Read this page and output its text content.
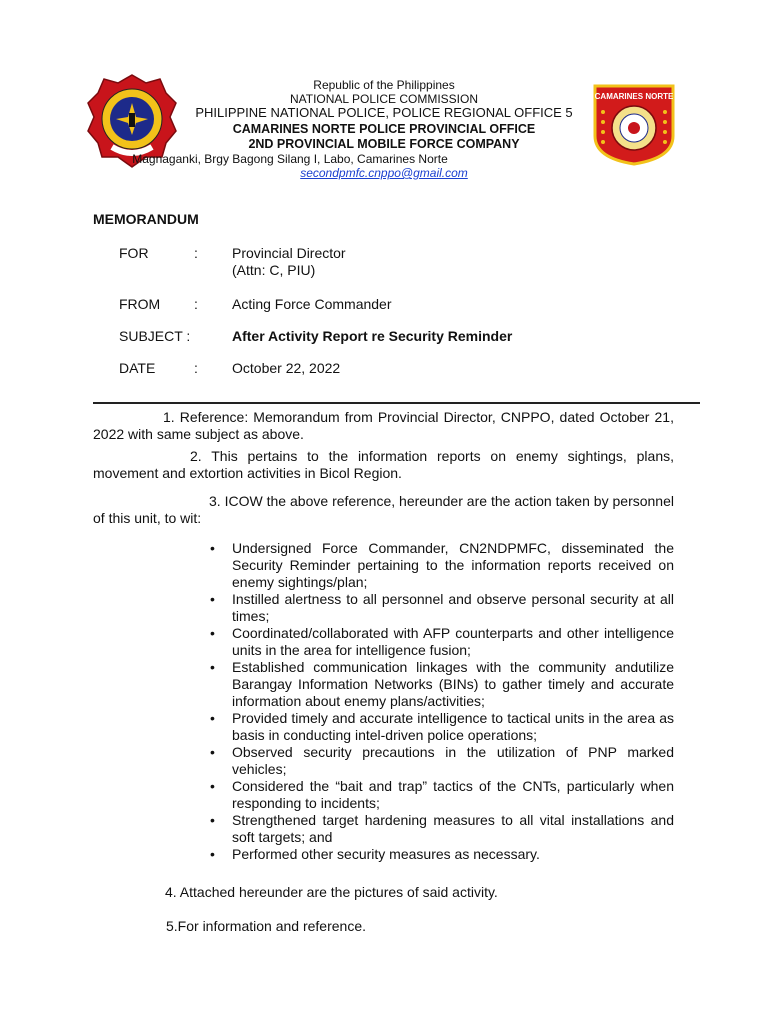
CAMARINES NORTE
Republic of the Philippines
NATIONAL POLICE COMMISSION
PHILIPPINE NATIONAL POLICE, POLICE REGIONAL OFFICE 5
CAMARINES NORTE POLICE PROVINCIAL OFFICE
2ND PROVINCIAL MOBILE FORCE COMPANY
Magnaganki, Brgy Bagong Silang I, Labo, Camarines Norte
secondpmfc.cnppo@gmail.com
MEMORANDUM
FOR	: Provincial Director
(Attn: C, PIU)
FROM : Acting Force Commander
SUBJECT :	After Activity Report re Security Reminder
DATE	: October 22, 2022
1. Reference: Memorandum from Provincial Director, CNPPO, dated October 21, 2022 with same subject as above.
2. This pertains to the information reports on enemy sightings, plans, movement and extortion activities in Bicol Region.
3. ICOW the above reference, hereunder are the action taken by personnel of this unit, to wit:
• Undersigned Force Commander, CN2NDPMFC, disseminated the Security Reminder pertaining to the information reports received on enemy sightings/plan;
• Instilled alertness to all personnel and observe personal security at all times;
• Coordinated/collaborated with AFP counterparts and other intelligence units in the area for intelligence fusion;
• Established communication linkages with the community andutilize Barangay Information Networks (BINs) to gather timely and accurate information about enemy plans/activities;
• Provided timely and accurate intelligence to tactical units in the area as basis in conducting intel-driven police operations;
• Observed security precautions in the utilization of PNP marked vehicles;
• Considered the “bait and trap” tactics of the CNTs, particularly when responding to incidents;
• Strengthened target hardening measures to all vital installations and soft targets; and
• Performed other security measures as necessary.
4. Attached hereunder are the pictures of said activity.
5.For information and reference.
